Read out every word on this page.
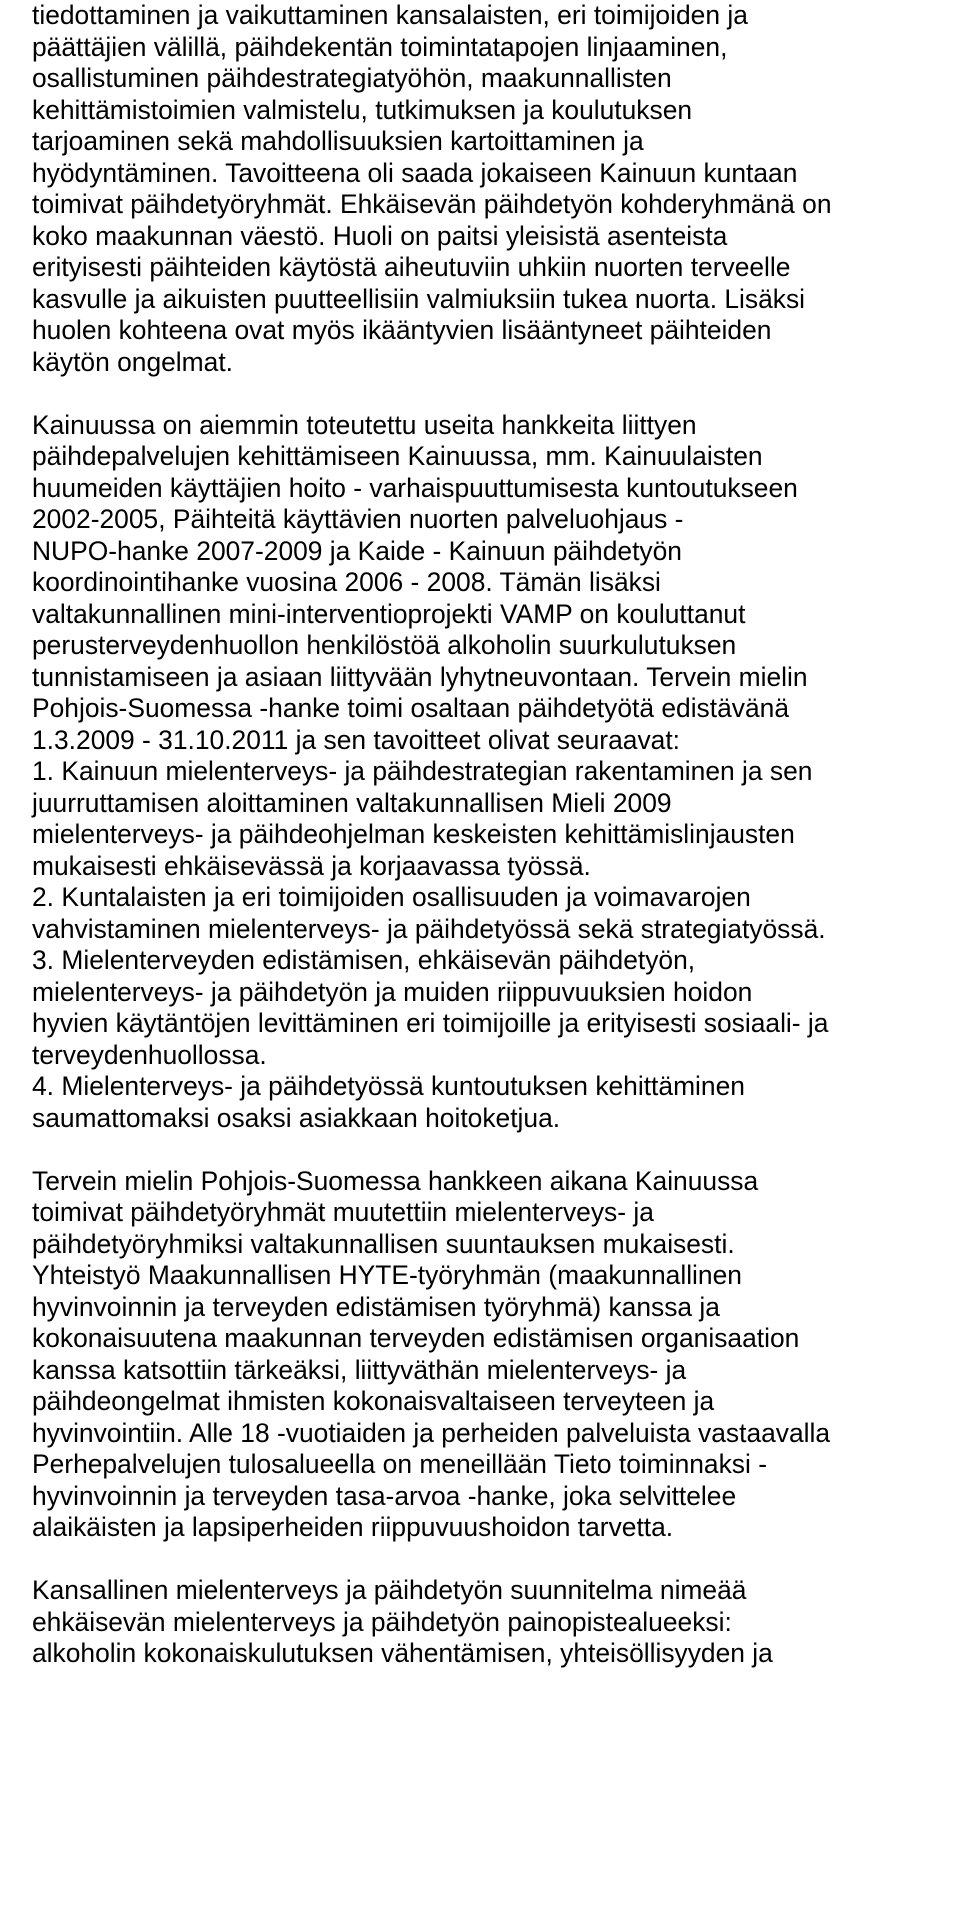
tiedottaminen ja vaikuttaminen kansalaisten, eri toimijoiden ja
päättäjien välillä, päihdekentän toimintatapojen linjaaminen,
osallistuminen päihdestrategiatyöhön, maakunnallisten
kehittämistoimien valmistelu, tutkimuksen ja koulutuksen
tarjoaminen sekä mahdollisuuksien kartoittaminen ja
hyödyntäminen. Tavoitteena oli saada jokaiseen Kainuun kuntaan
toimivat päihdetyöryhmät. Ehkäisevän päihdetyön kohderyhmänä on
koko maakunnan väestö. Huoli on paitsi yleisistä asenteista
erityisesti päihteiden käytöstä aiheutuviin uhkiin nuorten terveelle
kasvulle ja aikuisten puutteellisiin valmiuksiin tukea nuorta. Lisäksi
huolen kohteena ovat myös ikääntyvien lisääntyneet päihteiden
käytön ongelmat.
Kainuussa on aiemmin toteutettu useita hankkeita liittyen
päihdepalvelujen kehittämiseen Kainuussa, mm. Kainuulaisten
huumeiden käyttäjien hoito - varhaispuuttumisesta kuntoutukseen
2002-2005, Päihteitä käyttävien nuorten palveluohjaus -
NUPO-hanke 2007-2009 ja Kaide - Kainuun päihdetyön
koordinointihanke vuosina 2006 - 2008. Tämän lisäksi
valtakunnallinen mini-interventioprojekti VAMP on kouluttanut
perusterveydenhuollon henkilöstöä alkoholin suurkulutuksen
tunnistamiseen ja asiaan liittyvään lyhytneuvontaan. Tervein mielin
Pohjois-Suomessa -hanke toimi osaltaan päihdetyötä edistävänä
1.3.2009 - 31.10.2011 ja sen tavoitteet olivat seuraavat:
1. Kainuun mielenterveys- ja päihdestrategian rakentaminen ja sen
juurruttamisen aloittaminen valtakunnallisen Mieli 2009
mielenterveys- ja päihdeohjelman keskeisten kehittämislinjausten
mukaisesti ehkäisevässä ja korjaavassa työssä.
2. Kuntalaisten ja eri toimijoiden osallisuuden ja voimavarojen
vahvistaminen mielenterveys- ja päihdetyössä sekä strategiatyössä.
3. Mielenterveyden edistämisen, ehkäisevän päihdetyön,
mielenterveys- ja päihdetyön ja muiden riippuvuuksien hoidon
hyvien käytäntöjen levittäminen eri toimijoille ja erityisesti sosiaali- ja
terveydenhuollossa.
4. Mielenterveys- ja päihdetyössä kuntoutuksen kehittäminen
saumattomaksi osaksi asiakkaan hoitoketjua.
Tervein mielin Pohjois-Suomessa hankkeen aikana Kainuussa
toimivat päihdetyöryhmät muutettiin mielenterveys- ja
päihdetyöryhmiksi valtakunnallisen suuntauksen mukaisesti.
Yhteistyö Maakunnallisen HYTE-työryhmän (maakunnallinen
hyvinvoinnin ja terveyden edistämisen työryhmä) kanssa ja
kokonaisuutena maakunnan terveyden edistämisen organisaation
kanssa katsottiin tärkeäksi, liittyväthän mielenterveys- ja
päihdeongelmat ihmisten kokonaisvaltaiseen terveyteen ja
hyvinvointiin. Alle 18 -vuotiaiden ja perheiden palveluista vastaavalla
Perhepalvelujen tulosalueella on meneillään Tieto toiminnaksi -
hyvinvoinnin ja terveyden tasa-arvoa -hanke, joka selvittelee
alaikäisten ja lapsiperheiden riippuvuushoidon tarvetta.
Kansallinen mielenterveys ja päihdetyön suunnitelma nimeää
ehkäisevän mielenterveys ja päihdetyön painopistealueeksi:
alkoholin kokonaiskulutuksen vähentämisen, yhteisöllisyyden ja
